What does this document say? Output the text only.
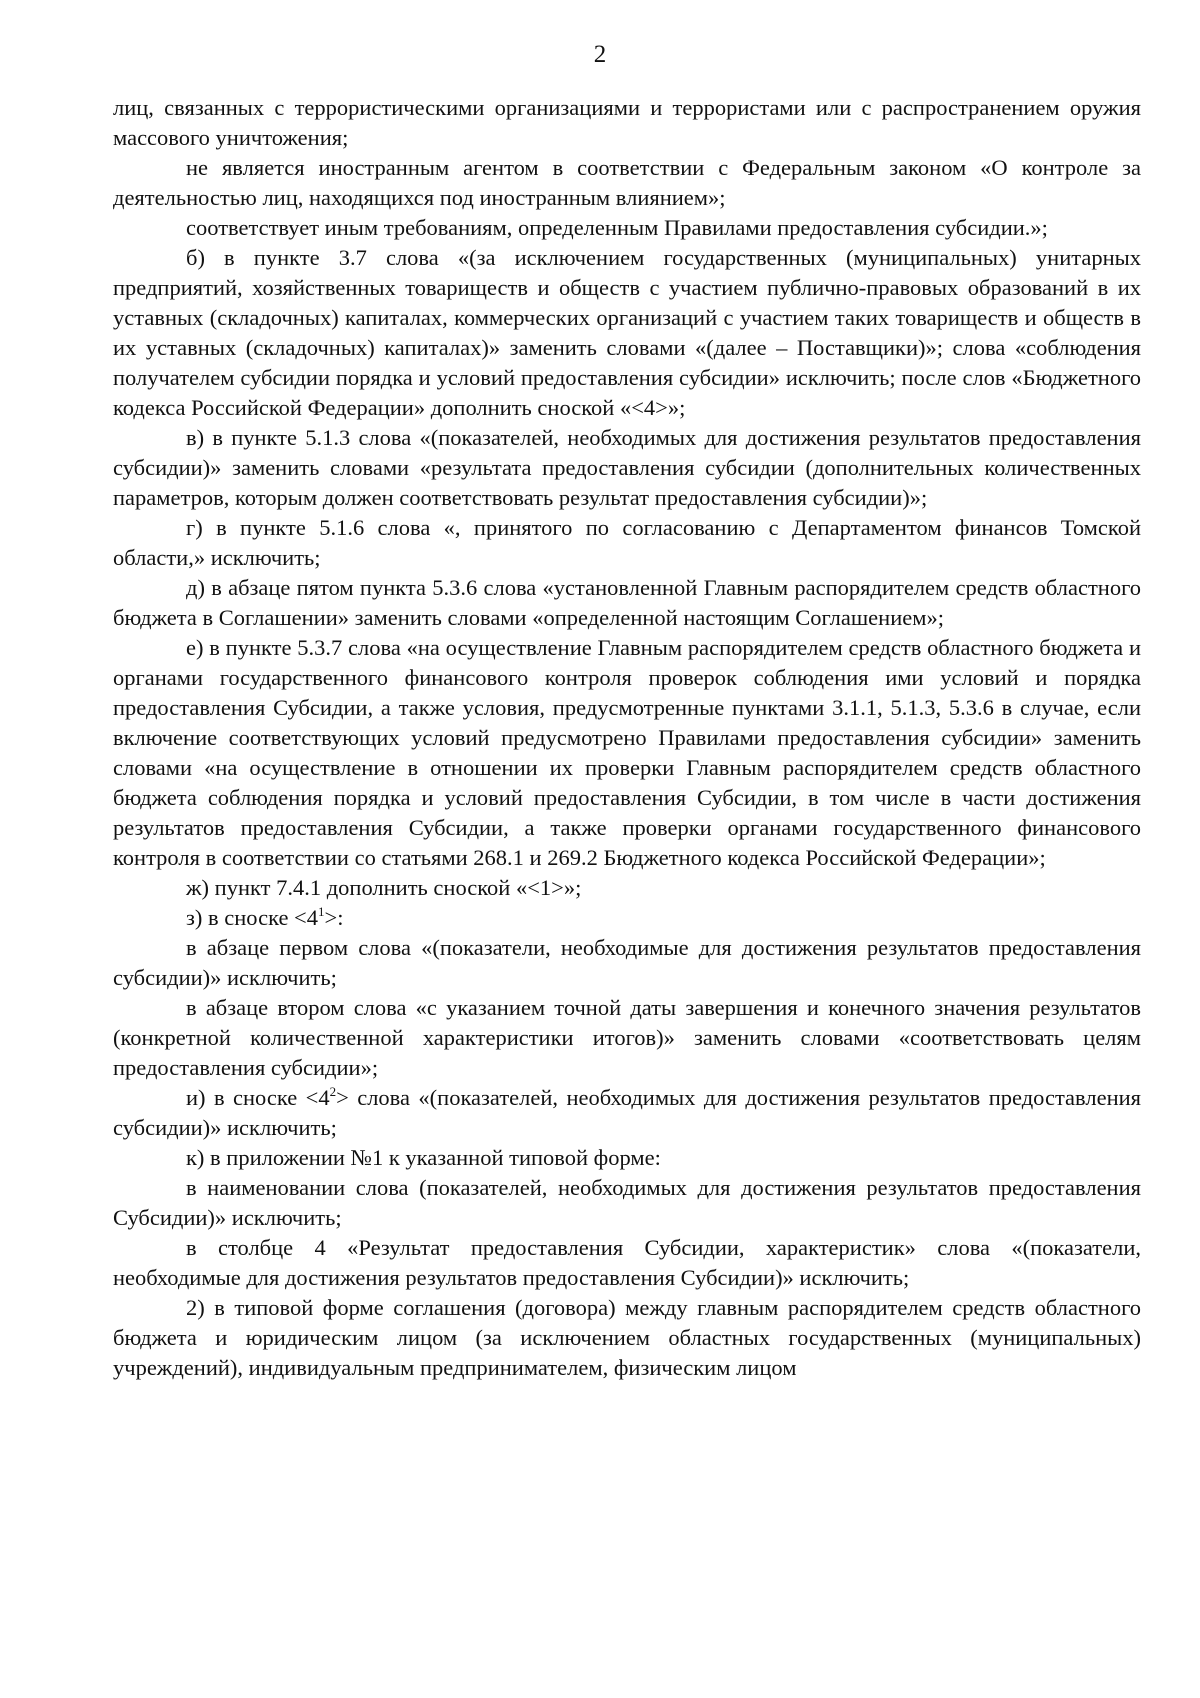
2

лиц, связанных с террористическими организациями и террористами или с распространением оружия массового уничтожения;

не является иностранным агентом в соответствии с Федеральным законом «О контроле за деятельностью лиц, находящихся под иностранным влиянием»;

соответствует иным требованиям, определенным Правилами предоставления субсидии.»;

б) в пункте 3.7 слова «(за исключением государственных (муниципальных) унитарных предприятий, хозяйственных товариществ и обществ с участием публично-правовых образований в их уставных (складочных) капиталах, коммерческих организаций с участием таких товариществ и обществ в их уставных (складочных) капиталах)» заменить словами «(далее – Поставщики)»; слова «соблюдения получателем субсидии порядка и условий предоставления субсидии» исключить; после слов «Бюджетного кодекса Российской Федерации» дополнить сноской «<4>»;

в) в пункте 5.1.3 слова «(показателей, необходимых для достижения результатов предоставления субсидии)» заменить словами «результата предоставления субсидии (дополнительных количественных параметров, которым должен соответствовать результат предоставления субсидии)»;

г) в пункте 5.1.6 слова «, принятого по согласованию с Департаментом финансов Томской области,» исключить;

д) в абзаце пятом пункта 5.3.6 слова «установленной Главным распорядителем средств областного бюджета в Соглашении» заменить словами «определенной настоящим Соглашением»;

е) в пункте 5.3.7 слова «на осуществление Главным распорядителем средств областного бюджета и органами государственного финансового контроля проверок соблюдения ими условий и порядка предоставления Субсидии, а также условия, предусмотренные пунктами 3.1.1, 5.1.3, 5.3.6 в случае, если включение соответствующих условий предусмотрено Правилами предоставления субсидии» заменить словами «на осуществление в отношении их проверки Главным распорядителем средств областного бюджета соблюдения порядка и условий предоставления Субсидии, в том числе в части достижения результатов предоставления Субсидии, а также проверки органами государственного финансового контроля в соответствии со статьями 268.1 и 269.2 Бюджетного кодекса Российской Федерации»;

ж) пункт 7.4.1 дополнить сноской «<1>»;

з) в сноске $<4^1>$:

в абзаце первом слова «(показатели, необходимые для достижения результатов предоставления субсидии)» исключить;

в абзаце втором слова «с указанием точной даты завершения и конечного значения результатов (конкретной количественной характеристики итогов)» заменить словами «соответствовать целям предоставления субсидии»;

и) в сноске $<4^2>$ слова «(показателей, необходимых для достижения результатов предоставления субсидии)» исключить;

к) в приложении №1 к указанной типовой форме:

в наименовании слова (показателей, необходимых для достижения результатов предоставления Субсидии)» исключить;

в столбце 4 «Результат предоставления Субсидии, характеристик» слова «(показатели, необходимые для достижения результатов предоставления Субсидии)» исключить;

2) в типовой форме соглашения (договора) между главным распорядителем средств областного бюджета и юридическим лицом (за исключением областных государственных (муниципальных) учреждений), индивидуальным предпринимателем, физическим лицом
